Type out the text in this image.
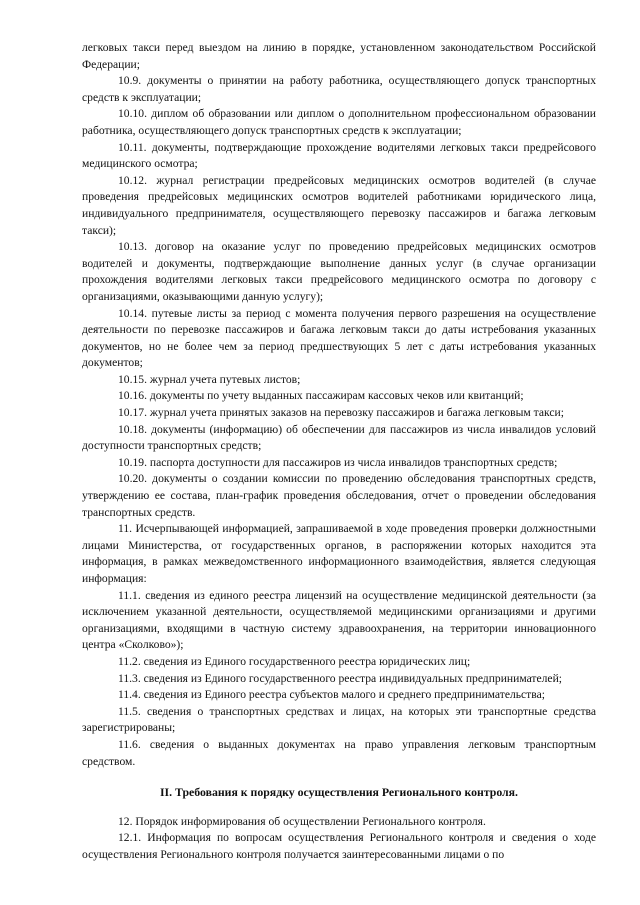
легковых такси перед выездом на линию в порядке, установленном законодательством Российской Федерации;

10.9. документы о принятии на работу работника, осуществляющего допуск транспортных средств к эксплуатации;

10.10. диплом об образовании или диплом о дополнительном профессиональном образовании работника, осуществляющего допуск транспортных средств к эксплуатации;

10.11. документы, подтверждающие прохождение водителями легковых такси предрейсового медицинского осмотра;

10.12. журнал регистрации предрейсовых медицинских осмотров водителей (в случае проведения предрейсовых медицинских осмотров водителей работниками юридического лица, индивидуального предпринимателя, осуществляющего перевозку пассажиров и багажа легковым такси);

10.13. договор на оказание услуг по проведению предрейсовых медицинских осмотров водителей и документы, подтверждающие выполнение данных услуг (в случае организации прохождения водителями легковых такси предрейсового медицинского осмотра по договору с организациями, оказывающими данную услугу);

10.14. путевые листы за период с момента получения первого разрешения на осуществление деятельности по перевозке пассажиров и багажа легковым такси до даты истребования указанных документов, но не более чем за период предшествующих 5 лет с даты истребования указанных документов;

10.15. журнал учета путевых листов;

10.16. документы по учету выданных пассажирам кассовых чеков или квитанций;

10.17. журнал учета принятых заказов на перевозку пассажиров и багажа легковым такси;

10.18. документы (информацию) об обеспечении для пассажиров из числа инвалидов условий доступности транспортных средств;

10.19. паспорта доступности для пассажиров из числа инвалидов транспортных средств;

10.20. документы о создании комиссии по проведению обследования транспортных средств, утверждению ее состава, план-график проведения обследования, отчет о проведении обследования транспортных средств.

11. Исчерпывающей информацией, запрашиваемой в ходе проведения проверки должностными лицами Министерства, от государственных органов, в распоряжении которых находится эта информация, в рамках межведомственного информационного взаимодействия, является следующая информация:

11.1. сведения из единого реестра лицензий на осуществление медицинской деятельности (за исключением указанной деятельности, осуществляемой медицинскими организациями и другими организациями, входящими в частную систему здравоохранения, на территории инновационного центра «Сколково»);

11.2. сведения из Единого государственного реестра юридических лиц;

11.3. сведения из Единого государственного реестра индивидуальных предпринимателей;

11.4. сведения из Единого реестра субъектов малого и среднего предпринимательства;

11.5. сведения о транспортных средствах и лицах, на которых эти транспортные средства зарегистрированы;

11.6. сведения о выданных документах на право управления легковым транспортным средством.

II. Требования к порядку осуществления Регионального контроля.

12. Порядок информирования об осуществлении Регионального контроля.

12.1. Информация по вопросам осуществления Регионального контроля и сведения о ходе осуществления Регионального контроля получается заинтересованными лицами о по
